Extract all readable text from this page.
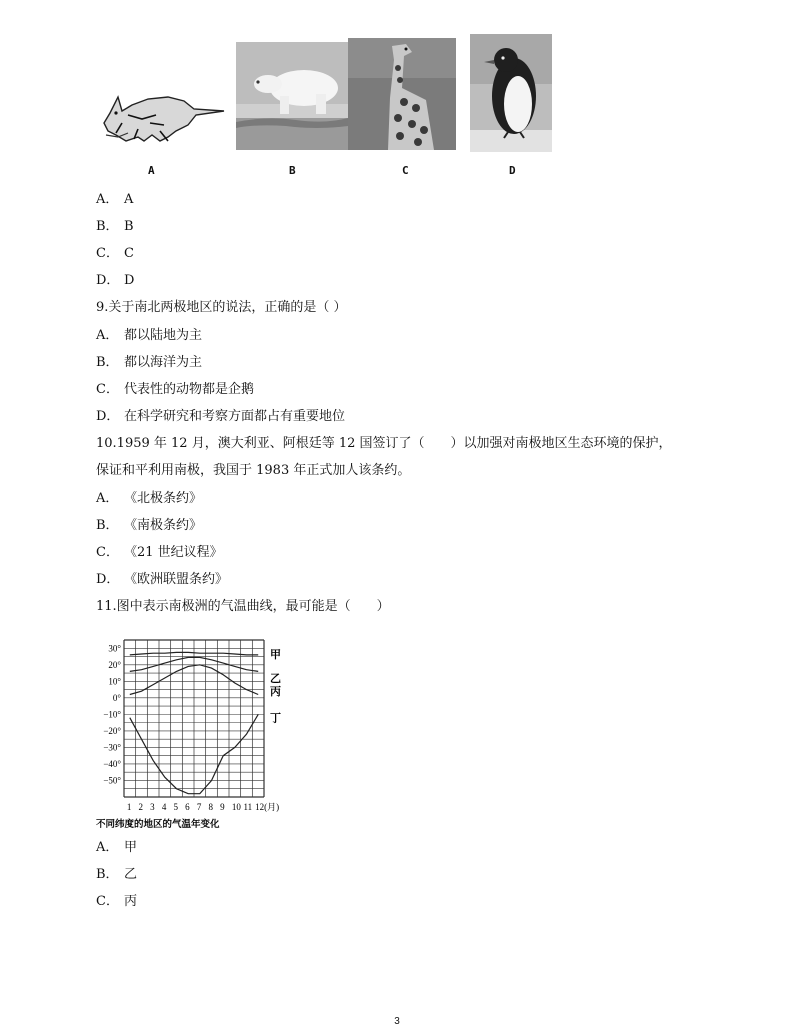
A	B	C	D
A． A
B． B
C． C
D． D
9.关于南北两极地区的说法，正确的是（ ）
A． 都以陆地为主
B． 都以海洋为主
C． 代表性的动物都是企鹅
D． 在科学研究和考察方面都占有重要地位
10.1959 年 12 月，澳大利亚、阿根廷等 12 国签订了（　　）以加强对南极地区生态环境的保护，
保证和平利用南极，我国于 1983 年正式加人该条约。
A． 《北极条约》
B． 《南极条约》
C． 《21 世纪议程》
D． 《欧洲联盟条约》
11.图中表示南极洲的气温曲线，最可能是（　　）
30°
20°
10°
0°
−10°
−20°
−30°
−40°
−50°
1 2 3 4 5 6 7 8 9 10 11 12(月)
甲
乙
丙
丁
不同纬度的地区的气温年变化
A． 甲
B． 乙
C． 丙
3
